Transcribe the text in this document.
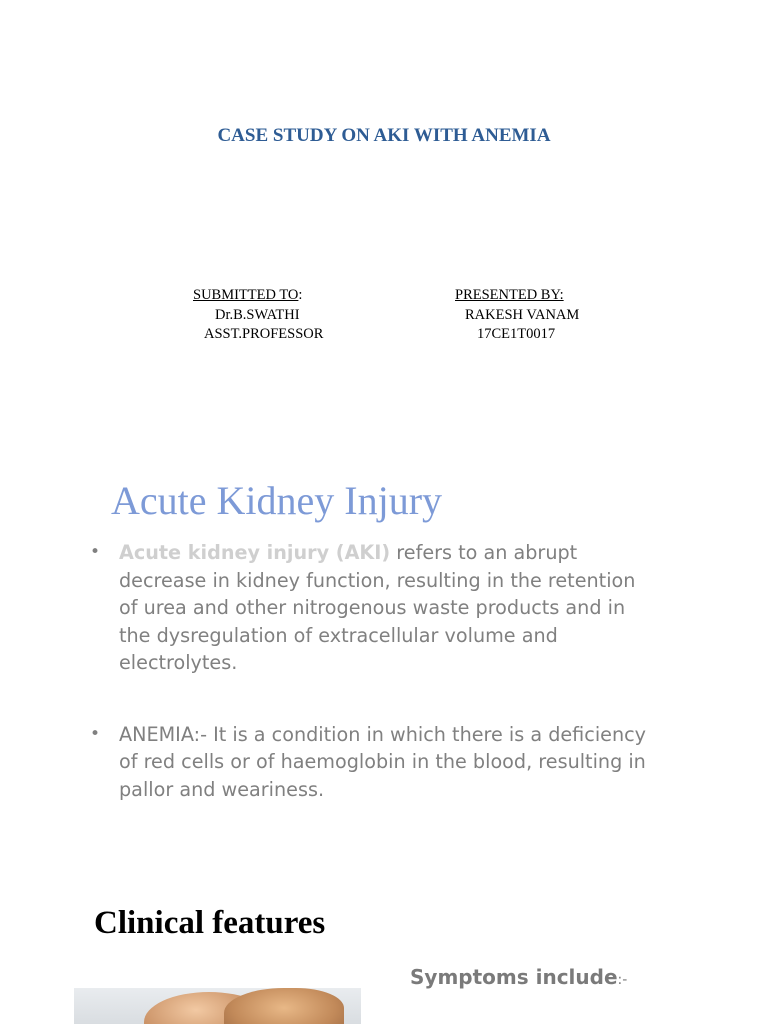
CASE STUDY ON AKI WITH ANEMIA
SUBMITTED TO:
Dr.B.SWATHI
ASST.PROFESSOR
PRESENTED BY:
RAKESH VANAM
17CE1T0017
Acute Kidney Injury
• Acute kidney injury (AKI) refers to an abrupt decrease in kidney function, resulting in the retention of urea and other nitrogenous waste products and in the dysregulation of extracellular volume and electrolytes.
• ANEMIA:- It is a condition in which there is a deficiency of red cells or of haemoglobin in the blood, resulting in pallor and weariness.
Clinical features
Symptoms include:-
